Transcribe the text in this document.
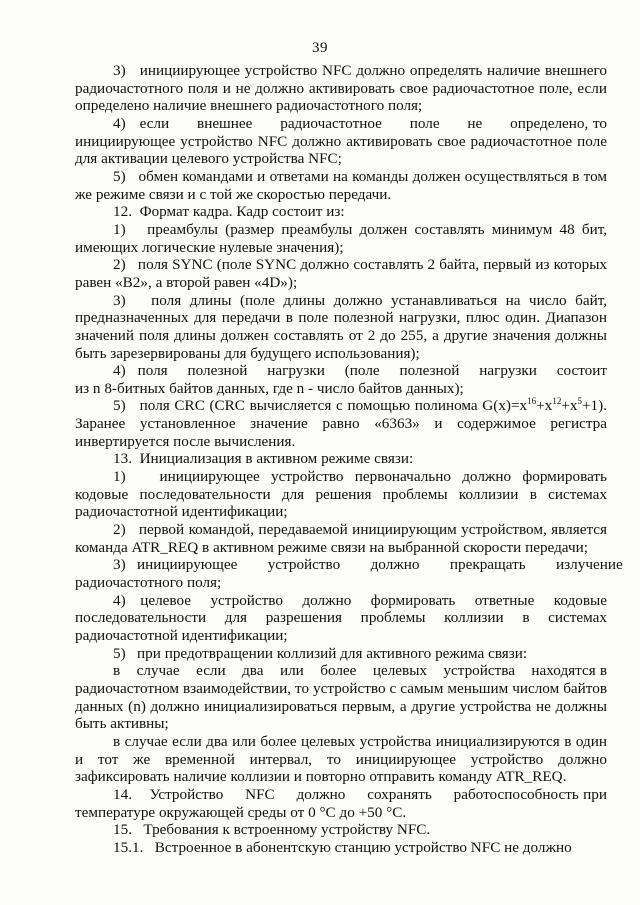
39

3)   инициирующее устройство NFC должно определять наличие внешнего радиочастотного поля и не должно активировать свое радиочастотное поле, если определено наличие внешнего радиочастотного поля;

4)   если      внешнее      радиочастотное      поле      не      определено, то инициирующее устройство NFC должно активировать свое радиочастотное поле для активации целевого устройства NFC;

5)   обмен командами и ответами на команды должен осуществляться в том же режиме связи и с той же скоростью передачи.

12.  Формат кадра. Кадр состоит из:

1)   преамбулы (размер преамбулы должен составлять минимум 48 бит, имеющих логические нулевые значения);

2)   поля SYNC (поле SYNC должно составлять 2 байта, первый из которых равен «B2», а второй равен «4D»);

3)   поля длины (поле длины должно устанавливаться на число байт, предназначенных для передачи в поле полезной нагрузки, плюс один. Диапазон значений поля длины должен составлять от 2 до 255, а другие значения должны быть зарезервированы для будущего использования);

4)   поля     полезной     нагрузки     (поле     полезной     нагрузки     состоит из n 8-битных байтов данных, где n - число байтов данных);

5)   поля CRC (CRC вычисляется с помощью полинома $G(x)=x^{16}+x^{12}+x^5+1$). Заранее установленное значение равно «6363» и содержимое регистра инвертируется после вычисления.

13.  Инициализация в активном режиме связи:

1)   инициирующее устройство первоначально должно формировать кодовые последовательности для решения проблемы коллизии в системах радиочастотной идентификации;

2)   первой командой, передаваемой инициирующим устройством, является команда ATR_REQ в активном режиме связи на выбранной скорости передачи;

3)   инициирующее        устройство        должно        прекращать        излучение радиочастотного поля;

4)   целевое    устройство    должно    формировать    ответные    кодовые последовательности   для   разрешения   проблемы   коллизии   в   системах радиочастотной идентификации;

5)   при предотвращении коллизий для активного режима связи:

в    случае    если    два    или    более    целевых    устройства    находятся в радиочастотном взаимодействии, то устройство с самым меньшим числом байтов данных (n) должно инициализироваться первым, а другие устройства не должны быть активны;

в случае если два или более целевых устройства инициализируются в один и   тот   же   временной   интервал,   то   инициирующее   устройство   должно зафиксировать наличие коллизии и повторно отправить команду ATR_REQ.

14.    Устройство     NFC     должно     сохранять     работоспособность при температуре окружающей среды от 0 °C до +50 °C.

15.   Требования к встроенному устройству NFC.

15.1.   Встроенное в абонентскую станцию устройство NFC не должно
